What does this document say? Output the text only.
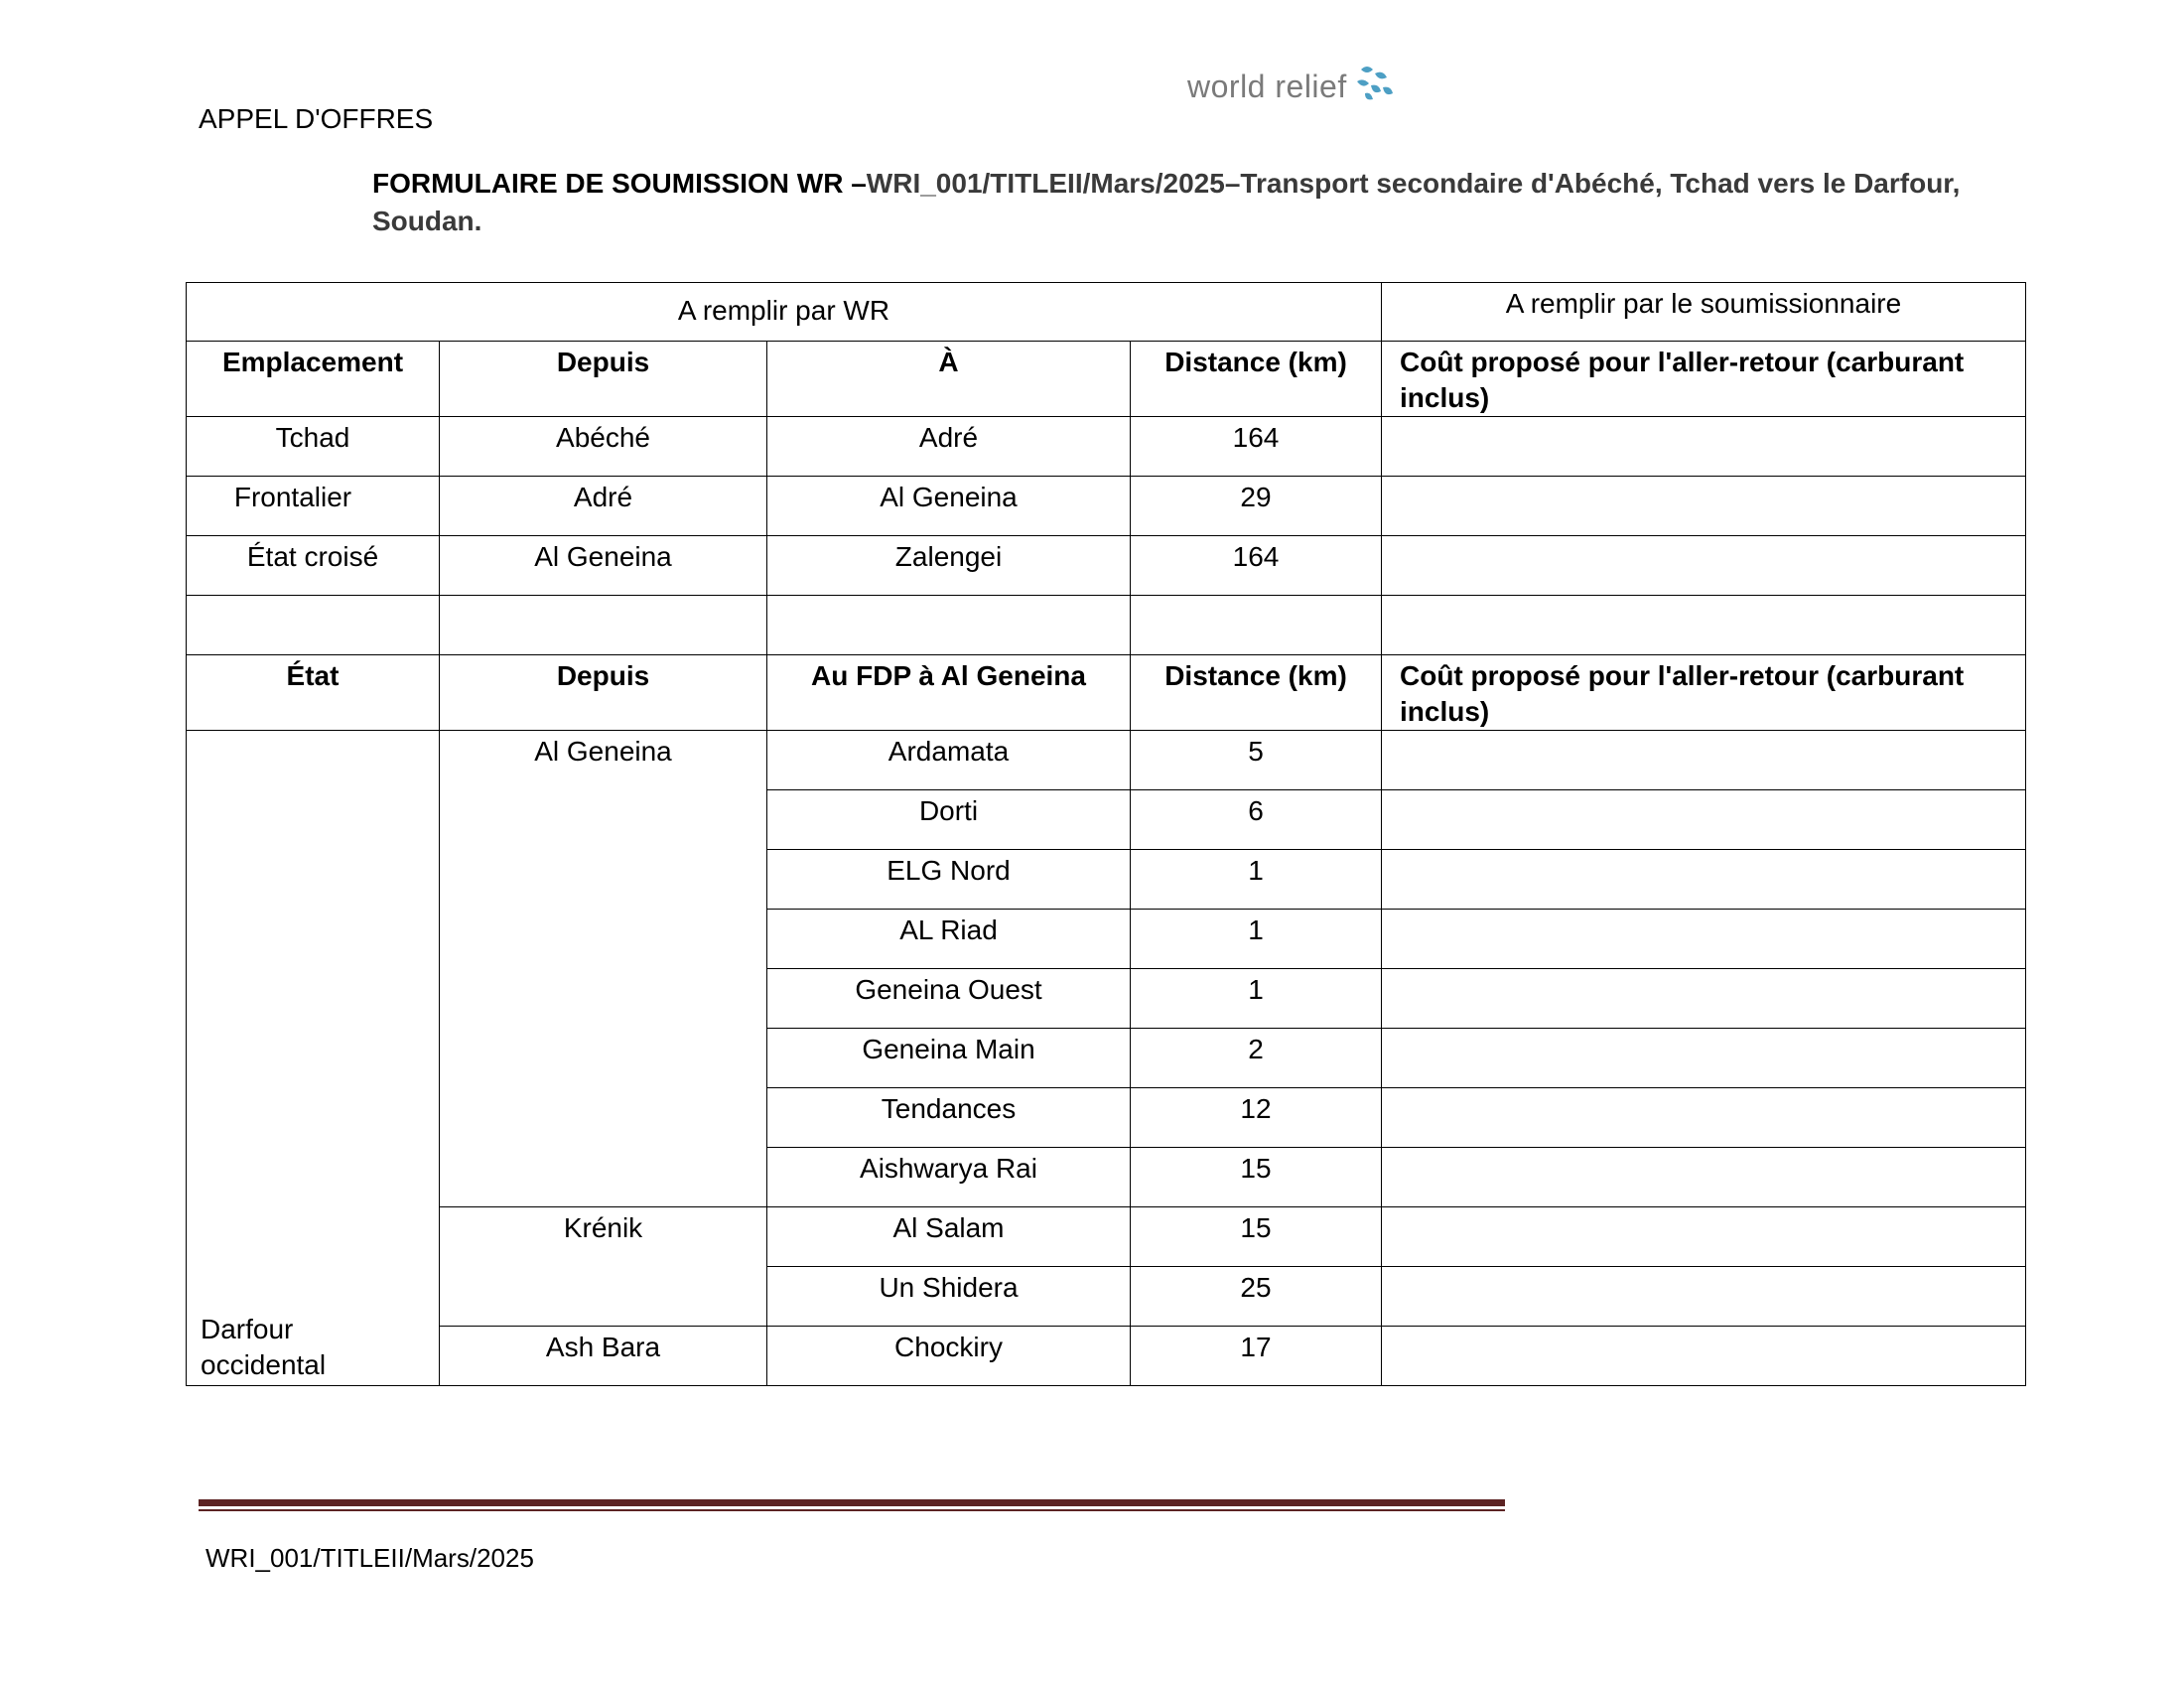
APPEL D'OFFRES
world relief
FORMULAIRE DE SOUMISSION WR –WRI_001/TITLEII/Mars/2025–Transport secondaire d'Abéché, Tchad vers le Darfour, Soudan.
A remplir par WR				A remplir par le soumissionnaire
Emplacement	Depuis	À	Distance (km)	Coût proposé pour l'aller-retour (carburant inclus)
Tchad	Abéché	Adré	164	
Frontalier	Adré	Al Geneina	29	
État croisé	Al Geneina	Zalengei	164	

État	Depuis	Au FDP à Al Geneina	Distance (km)	Coût proposé pour l'aller-retour (carburant inclus)

Darfour occidental	Al Geneina	Ardamata	5	
		Dorti	6	
		ELG Nord	1	
		AL Riad	1	
		Geneina Ouest	1	
		Geneina Main	2	
		Tendances	12	
		Aishwarya Rai	15	
	Krénik	Al Salam	15	
		Un Shidera	25	
	Ash Bara	Chockiry	17	
WRI_001/TITLEII/Mars/2025
